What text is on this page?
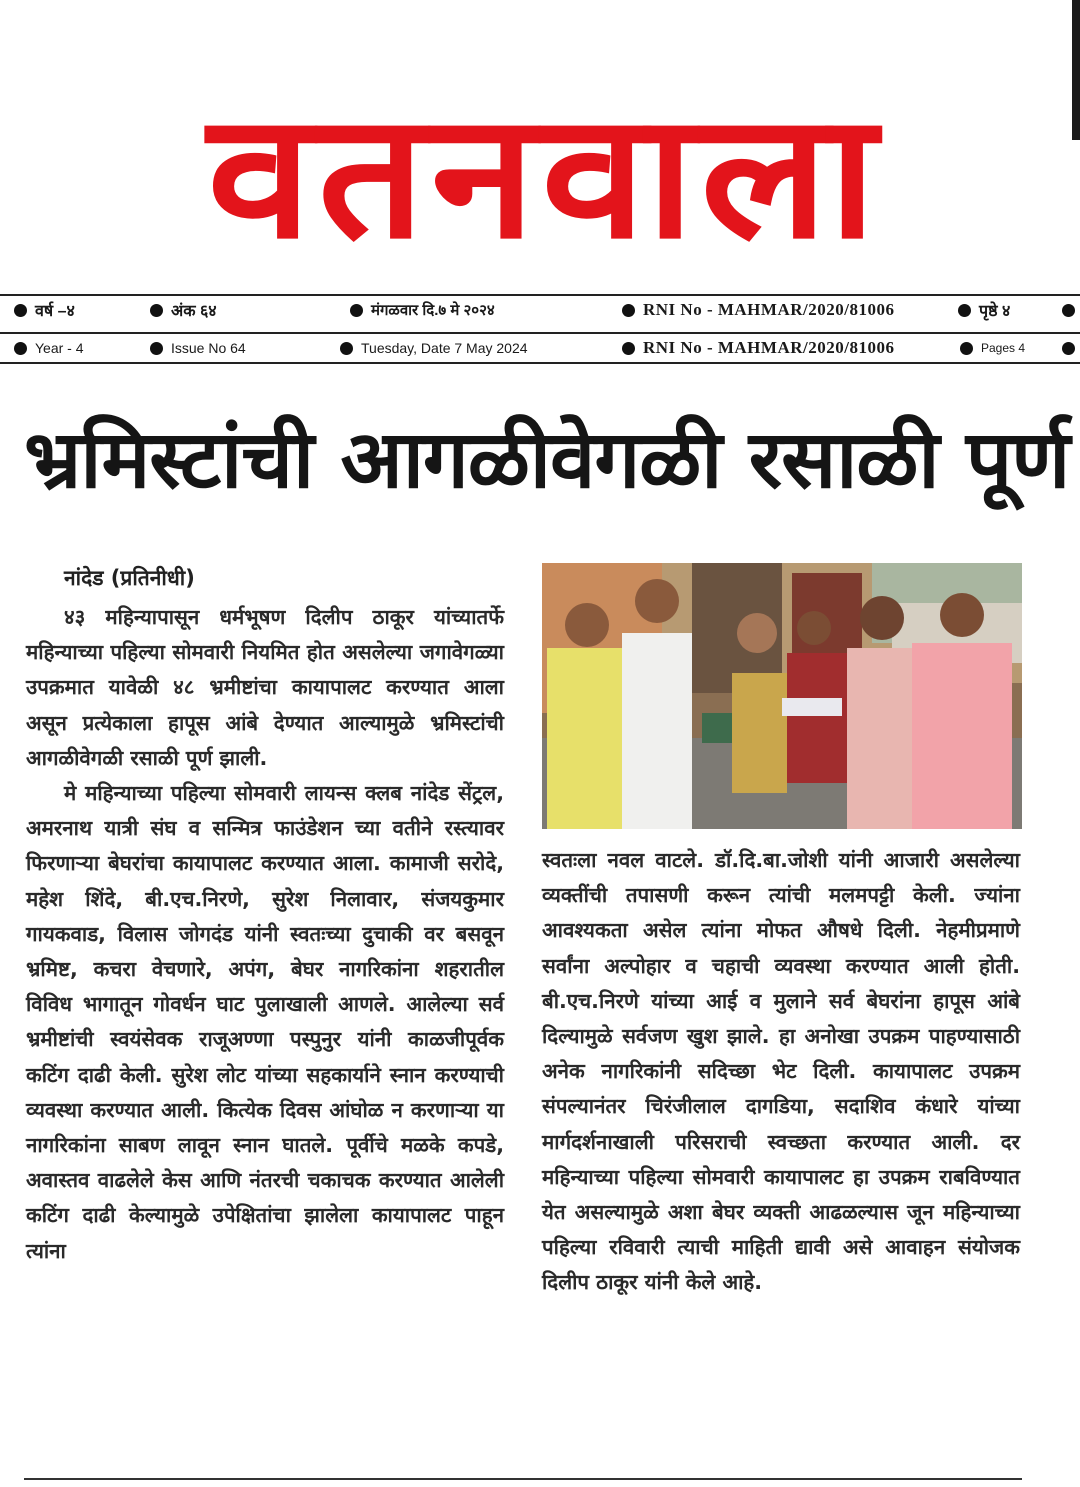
वतनवाला
वर्ष –४	अंक ६४	मंगळवार दि.७ मे २०२४	RNI No - MAHMAR/2020/81006	पृष्ठे ४
Year - 4	Issue No 64	Tuesday, Date 7 May 2024	RNI No - MAHMAR/2020/81006	Pages 4
भ्रमिस्टांची आगळीवेगळी रसाळी पूर्ण
नांदेड (प्रतिनीधी)

४३ महिन्यापासून धर्मभूषण दिलीप ठाकूर यांच्यातर्फे महिन्याच्या पहिल्या सोमवारी नियमित होत असलेल्या जगावेगळ्या उपक्रमात यावेळी ४८ भ्रमीष्टांचा कायापालट करण्यात आला असून प्रत्येकाला हापूस आंबे देण्यात आल्यामुळे भ्रमिस्टांची आगळीवेगळी रसाळी पूर्ण झाली.

मे महिन्याच्या पहिल्या सोमवारी लायन्स क्लब नांदेड सेंट्रल, अमरनाथ यात्री संघ व सन्मित्र फाउंडेशन च्या वतीने रस्त्यावर फिरणाऱ्या बेघरांचा कायापालट करण्यात आला. कामाजी सरोदे, महेश शिंदे, बी.एच.निरणे, सुरेश निलावार, संजयकुमार गायकवाड, विलास जोगदंड यांनी स्वतःच्या दुचाकी वर बसवून भ्रमिष्ट, कचरा वेचणारे, अपंग, बेघर नागरिकांना शहरातील विविध भागातून गोवर्धन घाट पुलाखाली आणले. आलेल्या सर्व भ्रमीष्टांची स्वयंसेवक राजूअण्णा पस्पुनुर यांनी काळजीपूर्वक कटिंग दाढी केली. सुरेश लोट यांच्या सहकार्याने स्नान करण्याची व्यवस्था करण्यात आली. कित्येक दिवस आंघोळ न करणाऱ्या या नागरिकांना साबण लावून स्नान घातले. पूर्वीचे मळके कपडे, अवास्तव वाढलेले केस आणि नंतरची चकाचक करण्यात आलेली कटिंग दाढी केल्यामुळे उपेक्षितांचा झालेला कायापालट पाहून त्यांना

स्वतःला नवल वाटले. डॉ.दि.बा.जोशी यांनी आजारी असलेल्या व्यक्तींची तपासणी करून त्यांची मलमपट्टी केली. ज्यांना आवश्यकता असेल त्यांना मोफत औषधे दिली. नेहमीप्रमाणे सर्वांना अल्पोहार व चहाची व्यवस्था करण्यात आली होती. बी.एच.निरणे यांच्या आई व मुलाने सर्व बेघरांना हापूस आंबे दिल्यामुळे सर्वजण खुश झाले. हा अनोखा उपक्रम पाहण्यासाठी अनेक नागरिकांनी सदिच्छा भेट दिली. कायापालट उपक्रम संपल्यानंतर चिरंजीलाल दागडिया, सदाशिव कंधारे यांच्या मार्गदर्शनाखाली परिसराची स्वच्छता करण्यात आली. दर महिन्याच्या पहिल्या सोमवारी कायापालट हा उपक्रम राबविण्यात येत असल्यामुळे अशा बेघर व्यक्ती आढळल्यास जून महिन्याच्या पहिल्या रविवारी त्याची माहिती द्यावी असे आवाहन संयोजक दिलीप ठाकूर यांनी केले आहे.
